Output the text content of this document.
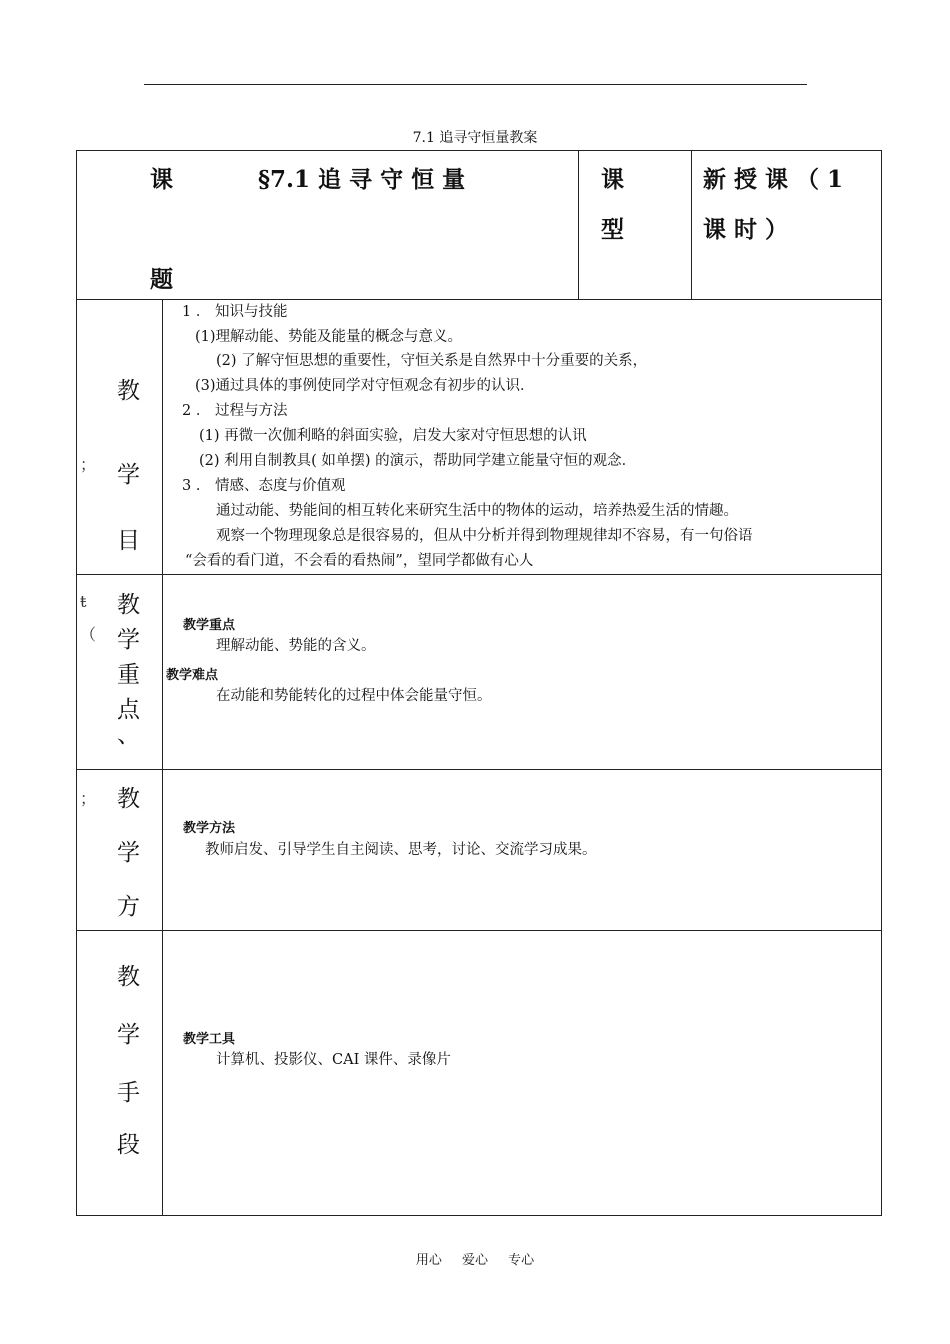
7.1 追寻守恒量教案
课
题
§7.1 追 寻 守 恒 量	课
型
新 授 课 （ 1
课 时 ）
教
学
目
；
1 ． 知识与技能
(1)理解动能、势能及能量的概念与意义。
(2) 了解守恒思想的重要性，守恒关系是自然界中十分重要的关系，
(3)通过具体的事例使同学对守恒观念有初步的认识．
2 ． 过程与方法
(1) 再微一次伽利略的斜面实验，启发大家对守恒思想的认讯
(2) 利用自制教具( 如单摆) 的演示，帮助同学建立能量守恒的观念．
3 ． 情感、态度与价值观
通过动能、势能间的相互转化来研究生活中的物体的运动，培养热爱生活的情趣。
观察一个物理现象总是很容易的，但从中分析并得到物理规律却不容易，有一句俗语
“会看的看门道，不会看的看热闹”，望同学都做有心人
教
学
重
点
、
ŧ
（	教学重点
理解动能、势能的含义。
教学难点
在动能和势能转化的过程中体会能量守恒。
教
学
方
；
教学方法
教师启发、引导学生自主阅读、思考，讨论、交流学习成果。
教
学
手
段
教学工具
计算机、投影仪、CAI 课件、录像片
用心 爱心 专心
